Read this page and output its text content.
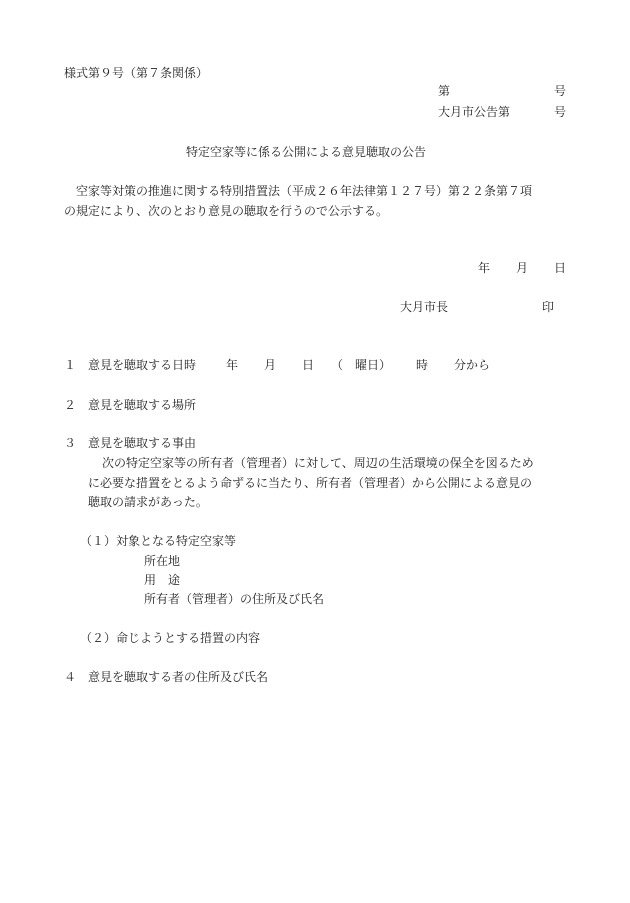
様式第９号（第７条関係）
第	号
大月市公告第	号
特定空家等に係る公開による意見聴取の公告
空家等対策の推進に関する特別措置法（平成２６年法律第１２７号）第２２条第７項
の規定により、次のとおり意見の聴取を行うので公示する。
年 月 日
大月市長	印
１ 意見を聴取する日時 年 月 日 （　曜日） 時 分から
２ 意見を聴取する場所
３ 意見を聴取する事由
次の特定空家等の所有者（管理者）に対して、周辺の生活環境の保全を図るため
に必要な措置をとるよう命ずるに当たり、所有者（管理者）から公開による意見の
聴取の請求があった。
（１）対象となる特定空家等
所在地
用　途
所有者（管理者）の住所及び氏名
（２）命じようとする措置の内容
４ 意見を聴取する者の住所及び氏名
